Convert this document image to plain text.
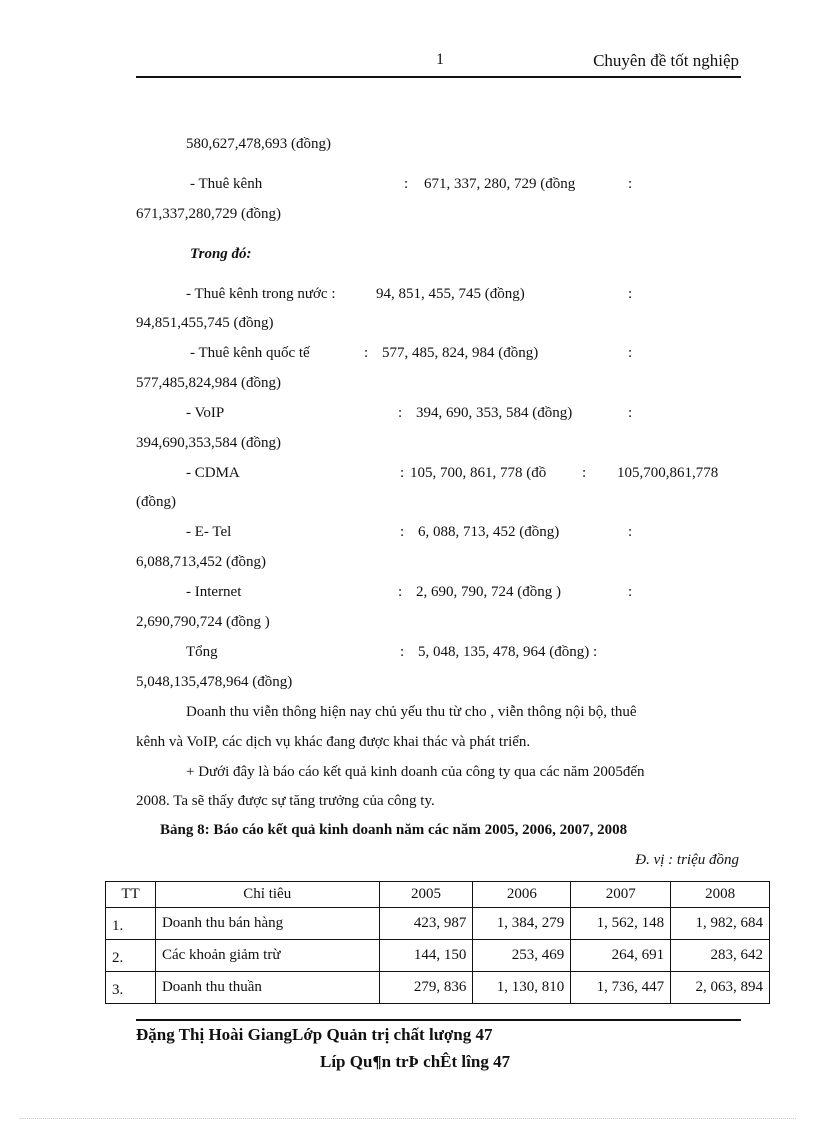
1	Chuyên đề tốt nghiệp
580,627,478,693 (đồng)
- Thuê kênh	: 671, 337, 280, 729 (đồng	:
671,337,280,729 (đồng)
Trong đó:
- Thuê kênh trong nước :	94, 851, 455, 745 (đồng)	:
94,851,455,745 (đồng)
- Thuê kênh quốc tế	: 577, 485, 824, 984 (đồng)	:
577,485,824,984 (đồng)
- VoIP	: 394, 690, 353, 584 (đồng)	:
394,690,353,584 (đồng)
- CDMA	: 105, 700, 861, 778 (đồ : 105,700,861,778
(đồng)
- E- Tel	: 6, 088, 713, 452 (đồng)	:
6,088,713,452 (đồng)
- Internet	: 2, 690, 790, 724 (đồng )	:
2,690,790,724 (đồng )
Tổng	: 5, 048, 135, 478, 964 (đồng) :
5,048,135,478,964 (đồng)
Doanh thu viễn thông hiện nay chủ yếu thu từ cho , viễn thông nội bộ, thuê
kênh và VoIP, các dịch vụ khác đang được khai thác và phát triển.
+ Dưới đây là báo cáo kết quả kinh doanh của công ty qua các năm 2005đến
2008. Ta sẽ thấy được sự tăng trưởng của công ty.
Bảng 8: Báo cáo kết quả kinh doanh năm các năm 2005, 2006, 2007, 2008
Đ. vị : triệu đồng
TT	Chỉ tiêu	2005	2006	2007	2008
1.	Doanh thu bán hàng	423, 987	1, 384, 279	1, 562, 148	1, 982, 684
2.	Các khoản giảm trừ	144, 150	253, 469	264, 691	283, 642
3.	Doanh thu thuần	279, 836	1, 130, 810	1, 736, 447	2, 063, 894
Đặng Thị Hoài GiangLớp Quản trị chất lượng 47
Líp Qu¶n trÞ chÊt lîng 47
